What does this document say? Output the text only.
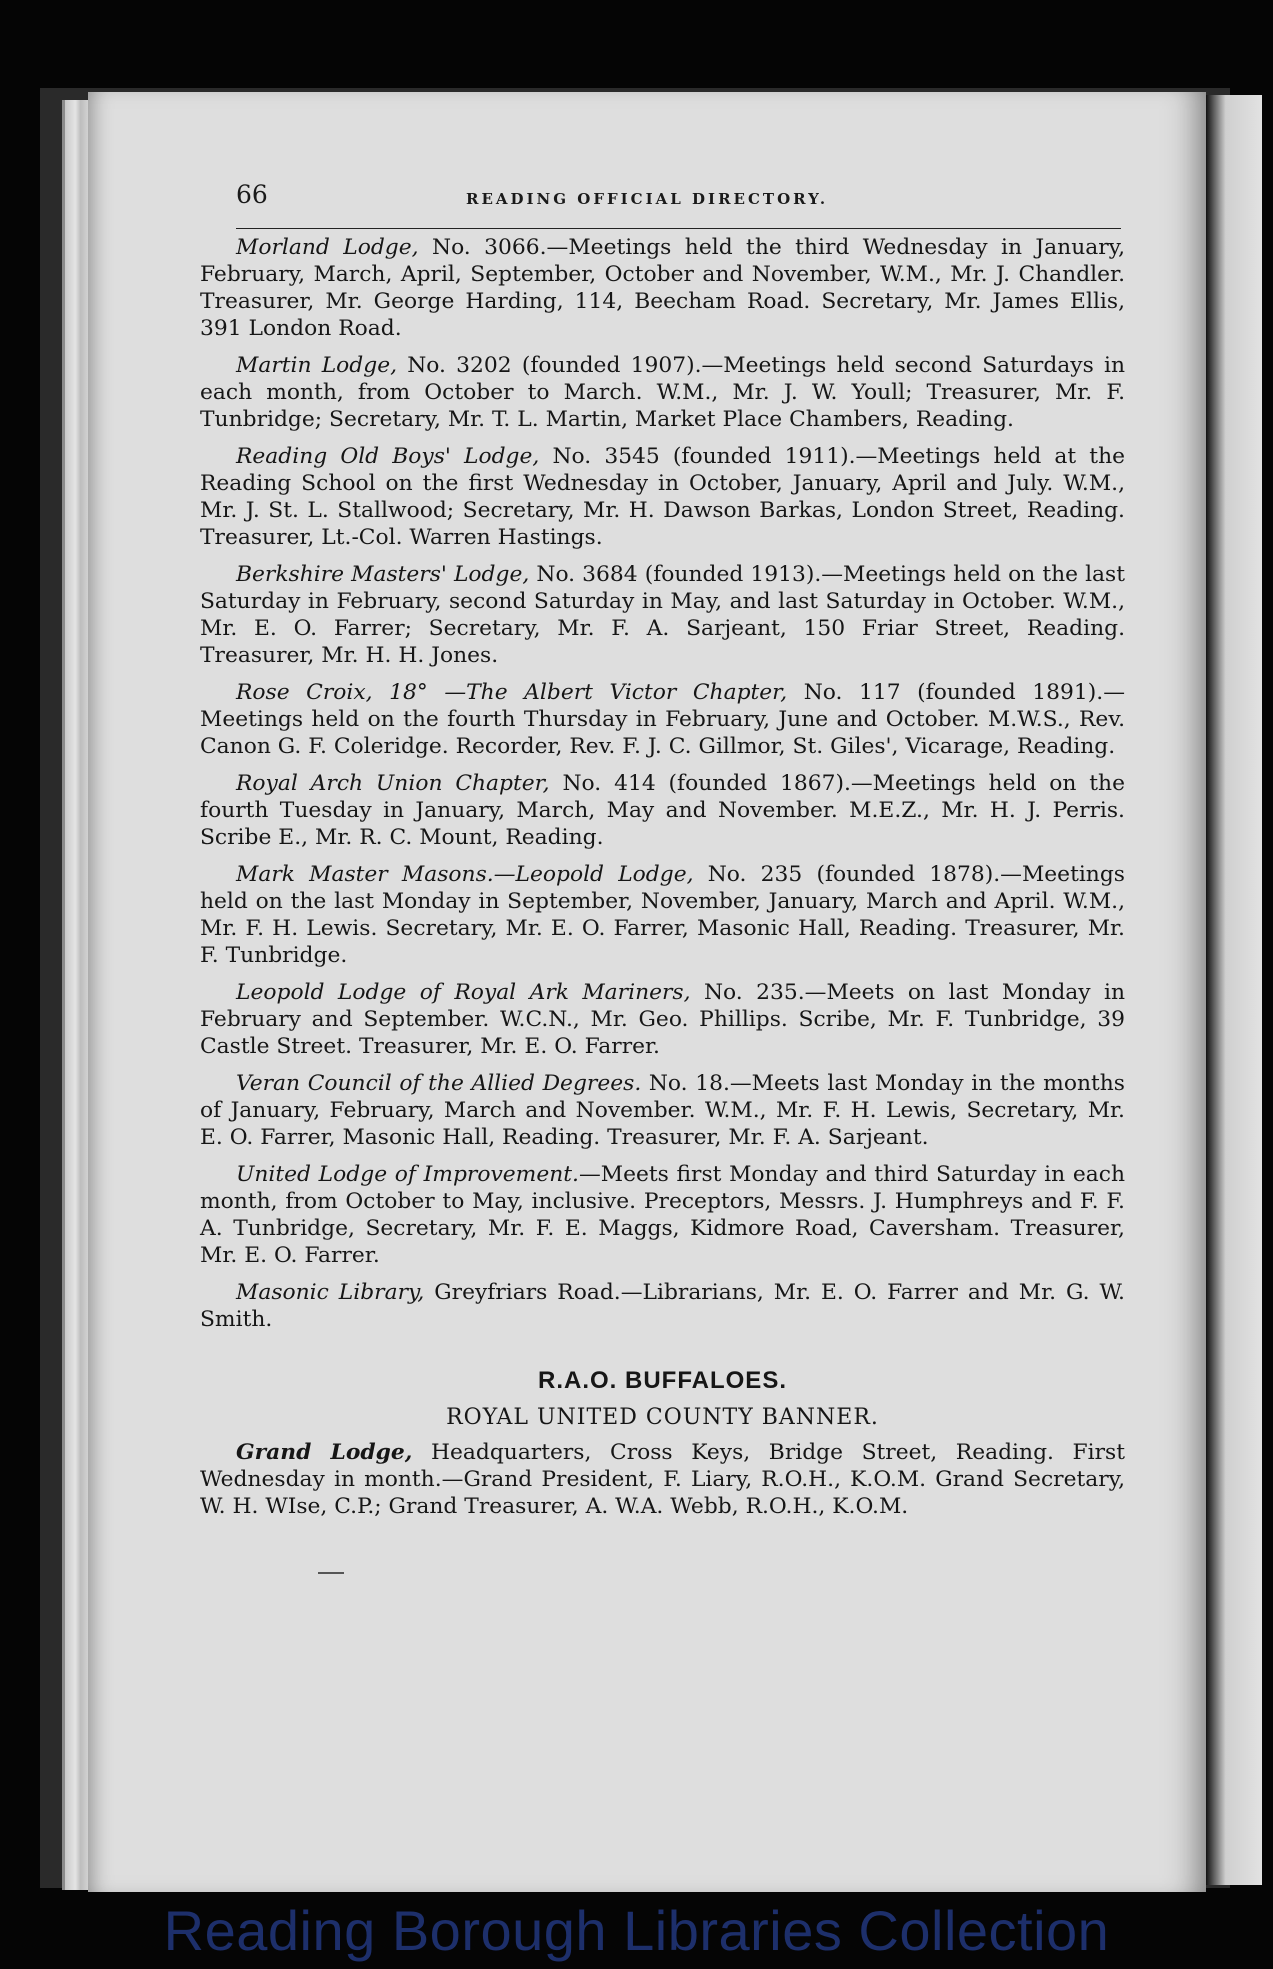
66	READING OFFICIAL DIRECTORY.

Morland Lodge, No. 3066.—Meetings held the third Wednesday in January, February, March, April, September, October and November, W.M., Mr. J. Chandler. Treasurer, Mr. George Harding, 114, Beecham Road. Secretary, Mr. James Ellis, 391 London Road.

Martin Lodge, No. 3202 (founded 1907).—Meetings held second Saturdays in each month, from October to March. W.M., Mr. J. W. Youll; Treasurer, Mr. F. Tunbridge; Secretary, Mr. T. L. Martin, Market Place Chambers, Reading.

Reading Old Boys' Lodge, No. 3545 (founded 1911).—Meetings held at the Reading School on the first Wednesday in October, January, April and July. W.M., Mr. J. St. L. Stallwood; Secretary, Mr. H. Dawson Barkas, London Street, Reading. Treasurer, Lt.-Col. Warren Hastings.

Berkshire Masters' Lodge, No. 3684 (founded 1913).—Meetings held on the last Saturday in February, second Saturday in May, and last Saturday in October. W.M., Mr. E. O. Farrer; Secretary, Mr. F. A. Sarjeant, 150 Friar Street, Reading. Treasurer, Mr. H. H. Jones.

Rose Croix, 18° —The Albert Victor Chapter, No. 117 (founded 1891).—Meetings held on the fourth Thursday in February, June and October. M.W.S., Rev. Canon G. F. Coleridge. Recorder, Rev. F. J. C. Gillmor, St. Giles', Vicarage, Reading.

Royal Arch Union Chapter, No. 414 (founded 1867).—Meetings held on the fourth Tuesday in January, March, May and November. M.E.Z., Mr. H. J. Perris. Scribe E., Mr. R. C. Mount, Reading.

Mark Master Masons.—Leopold Lodge, No. 235 (founded 1878).—Meetings held on the last Monday in September, November, January, March and April. W.M., Mr. F. H. Lewis. Secretary, Mr. E. O. Farrer, Masonic Hall, Reading. Treasurer, Mr. F. Tunbridge.

Leopold Lodge of Royal Ark Mariners, No. 235.—Meets on last Monday in February and September. W.C.N., Mr. Geo. Phillips. Scribe, Mr. F. Tunbridge, 39 Castle Street. Treasurer, Mr. E. O. Farrer.

Veran Council of the Allied Degrees. No. 18.—Meets last Monday in the months of January, February, March and November. W.M., Mr. F. H. Lewis, Secretary, Mr. E. O. Farrer, Masonic Hall, Reading. Treasurer, Mr. F. A. Sarjeant.

United Lodge of Improvement.—Meets first Monday and third Saturday in each month, from October to May, inclusive. Preceptors, Messrs. J. Humphreys and F. F. A. Tunbridge, Secretary, Mr. F. E. Maggs, Kidmore Road, Caversham. Treasurer, Mr. E. O. Farrer.

Masonic Library, Greyfriars Road.—Librarians, Mr. E. O. Farrer and Mr. G. W. Smith.

R.A.O. BUFFALOES.
ROYAL UNITED COUNTY BANNER.

Grand Lodge, Headquarters, Cross Keys, Bridge Street, Reading. First Wednesday in month.—Grand President, F. Liary, R.O.H., K.O.M. Grand Secretary, W. H. WIse, C.P.; Grand Treasurer, A. W.A. Webb, R.O.H., K.O.M.

Reading Borough Libraries Collection
